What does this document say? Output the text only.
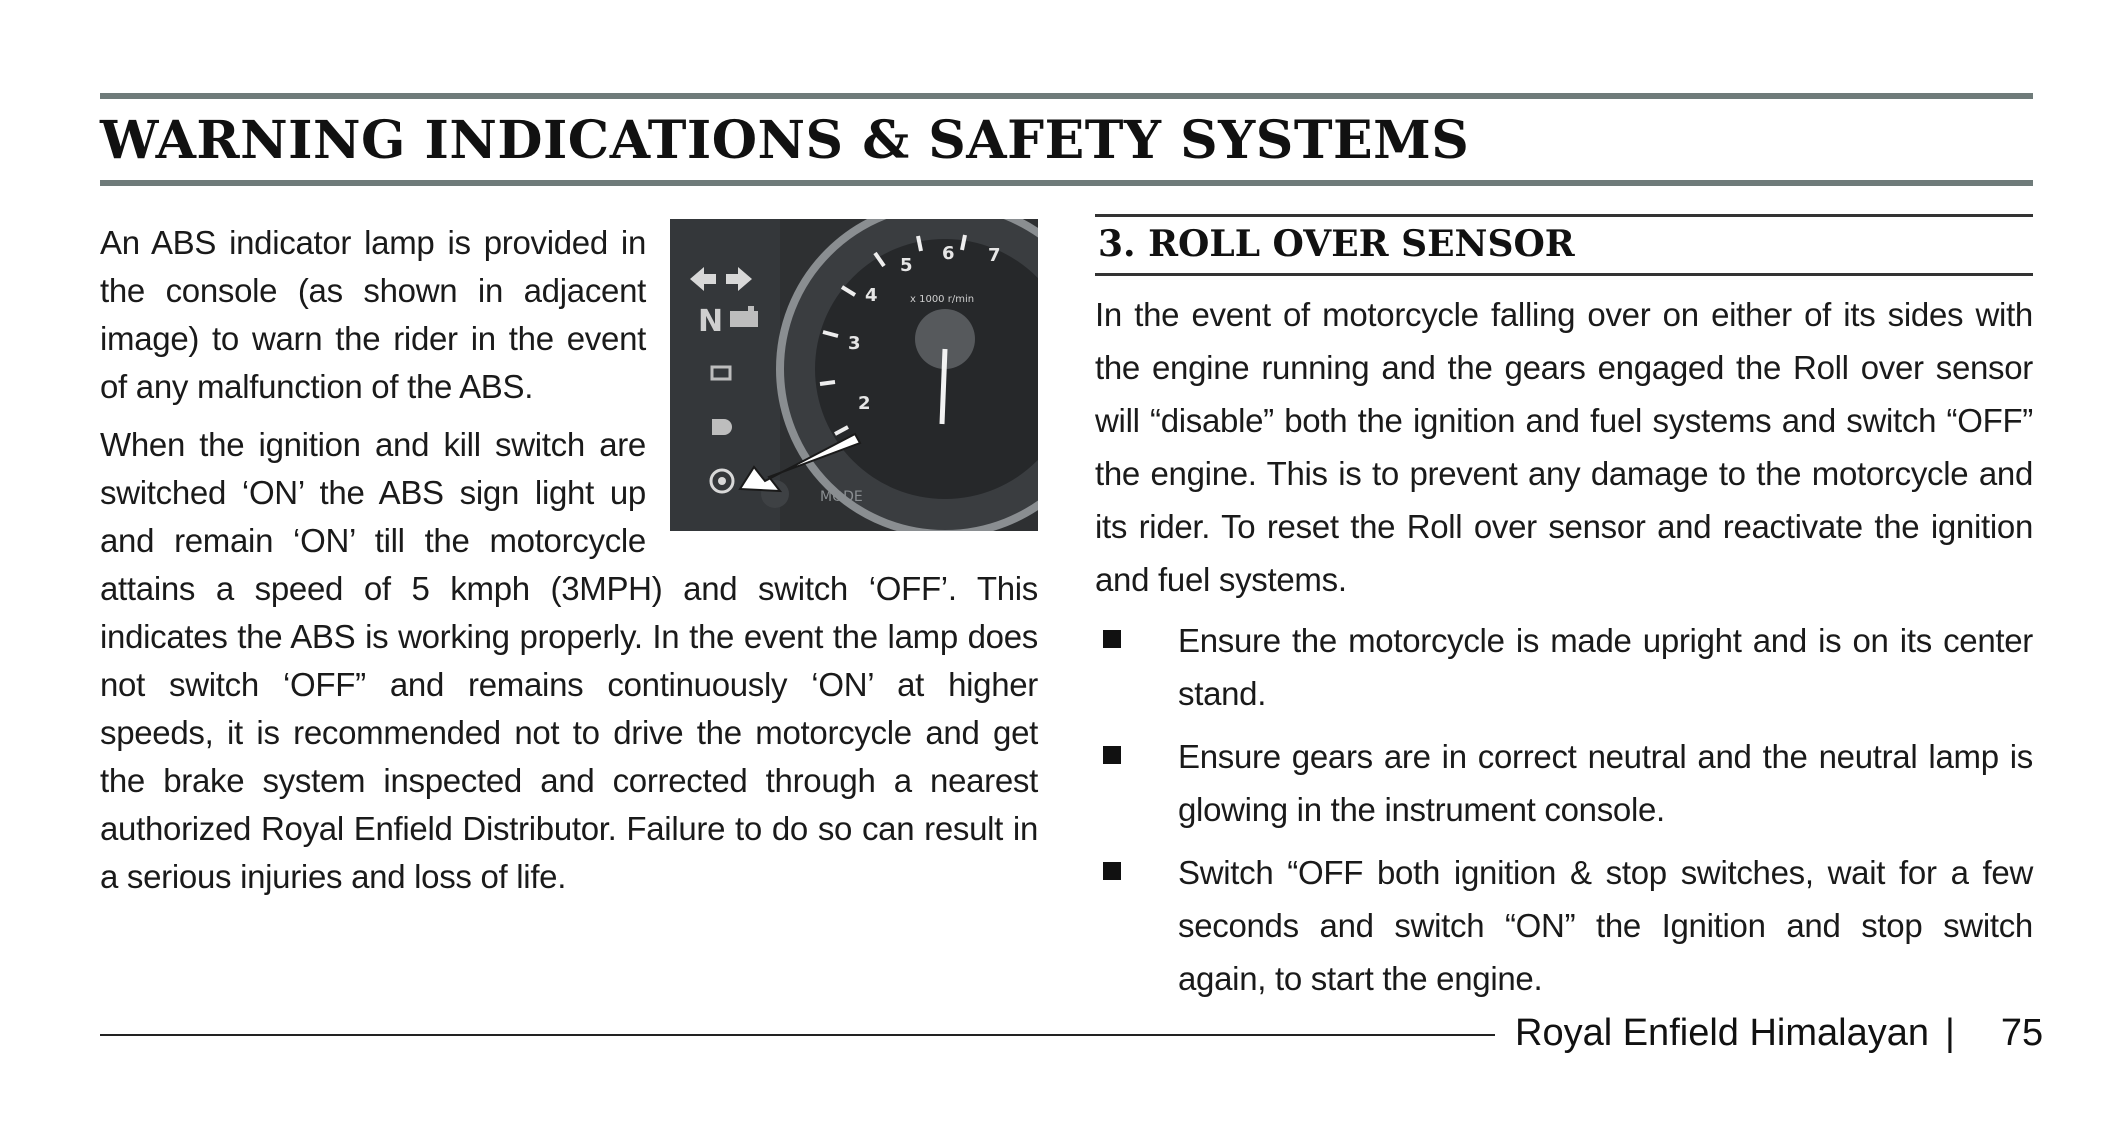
WARNING INDICATIONS & SAFETY SYSTEMS
N
2
3
4
5
6 7
x 1000 r/min
MODE

An ABS indicator lamp is provided in the console (as shown in adjacent image) to warn the rider in the event of any malfunction of the ABS.

When the ignition and kill switch are switched ‘ON’ the ABS sign light up and remain ‘ON’ till the motorcycle attains a speed of 5 kmph (3MPH) and switch ‘OFF’. This indicates the ABS is working properly. In the event the lamp does not switch ‘OFF” and remains continuously ‘ON’ at higher speeds, it is recommended not to drive the motorcycle and get the brake system inspected and corrected through a nearest authorized Royal Enfield Distributor. Failure to do so can result in a serious injuries and loss of life.

3. ROLL OVER SENSOR

In the event of motorcycle falling over on either of its sides with the engine running and the gears engaged the Roll over sensor will “disable” both the ignition and fuel systems and switch “OFF” the engine. This is to prevent any damage to the motorcycle and its rider. To reset the Roll over sensor and reactivate the ignition and fuel systems.

Ensure the motorcycle is made upright and is on its center stand.
Ensure gears are in correct neutral and the neutral lamp is glowing in the instrument console.
Switch “OFF both ignition & stop switches, wait for a few seconds and switch “ON” the Ignition and stop switch again, to start the engine.
Royal Enfield Himalayan | 75
